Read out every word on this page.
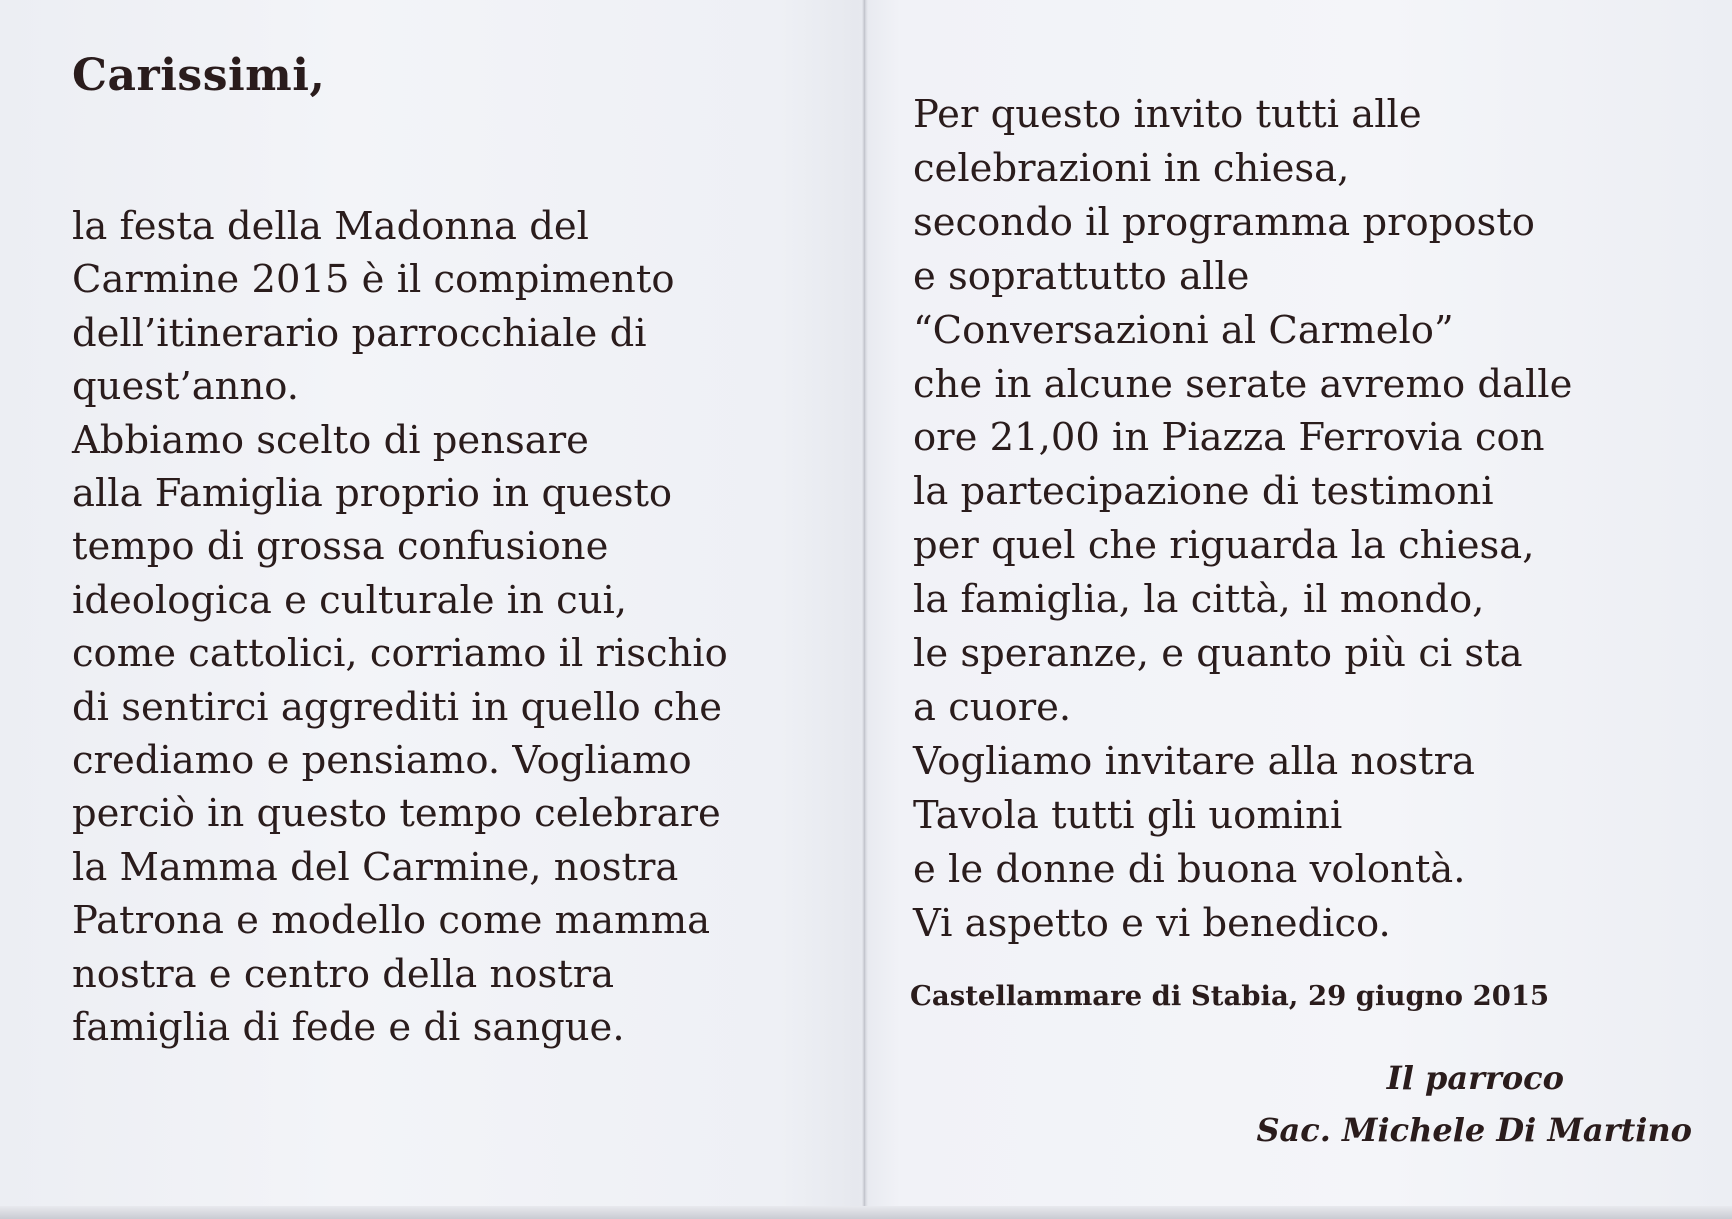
Carissimi,
la festa della Madonna del
Carmine 2015 è il compimento
dell’itinerario parrocchiale di
quest’anno.
Abbiamo scelto di pensare
alla Famiglia proprio in questo
tempo di grossa confusione
ideologica e culturale in cui,
come cattolici, corriamo il rischio
di sentirci aggrediti in quello che
crediamo e pensiamo. Vogliamo
perciò in questo tempo celebrare
la Mamma del Carmine, nostra
Patrona e modello come mamma
nostra e centro della nostra
famiglia di fede e di sangue.
Per questo invito tutti alle
celebrazioni in chiesa,
secondo il programma proposto
e soprattutto alle
“Conversazioni al Carmelo”
che in alcune serate avremo dalle
ore 21,00 in Piazza Ferrovia con
la partecipazione di testimoni
per quel che riguarda la chiesa,
la famiglia, la città, il mondo,
le speranze, e quanto più ci sta
a cuore.
Vogliamo invitare alla nostra
Tavola tutti gli uomini
e le donne di buona volontà.
Vi aspetto e vi benedico.
Castellammare di Stabia, 29 giugno 2015
Il parroco
Sac. Michele Di Martino
